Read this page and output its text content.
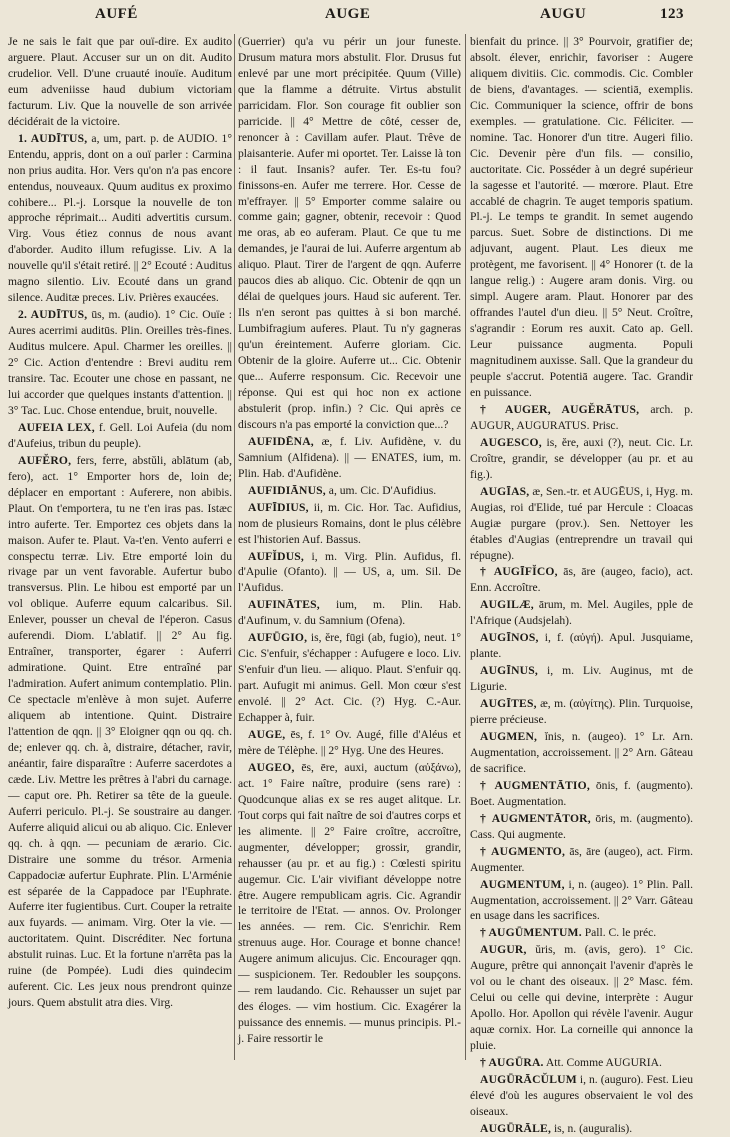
AUFÉ	AUGE	AUGU	123

Je ne sais le fait que par ouï-dire. Ex audito arguere. Plaut. Accuser sur un on dit. Audito crudelior. Vell. D'une cruauté inouïe. Auditum eum adveniisse haud dubium victoriam facturum. Liv. Que la nouvelle de son arrivée décidérait de la victoire.

1. AUDĪTUS, a, um, part. p. de AUDIO. 1° Entendu, appris, dont on a ouï parler : Carmina non prius audita. Hor. Vers qu'on n'a pas encore entendus, nouveaux. Quum auditus ex proximo cohibere... Pl.-j. Lorsque la nouvelle de ton approche réprimait... Auditi advertitis cursum. Virg. Vous étiez connus de nous avant d'aborder. Audito illum refugisse. Liv. A la nouvelle qu'il s'était retiré. || 2° Ecouté : Auditus magno silentio. Liv. Ecouté dans un grand silence. Auditæ preces. Liv. Prières exaucées.

2. AUDĪTUS, ūs, m. (audio). 1° Cic. Ouïe : Aures acerrimi auditūs. Plin. Oreilles très-fines. Auditus mulcere. Apul. Charmer les oreilles. || 2° Cic. Action d'entendre : Brevi auditu rem transire. Tac. Ecouter une chose en passant, ne lui accorder que quelques instants d'attention. || 3° Tac. Luc. Chose entendue, bruit, nouvelle.

AUFEIA LEX, f. Gell. Loi Aufeia (du nom d'Aufeius, tribun du peuple).

AUFĔRO, fers, ferre, abstŭli, ablātum (ab, fero), act. 1° Emporter hors de, loin de; déplacer en emportant : Auferere, non abibis. Plaut. On t'emportera, tu ne t'en iras pas. Istæc intro auferte. Ter. Emportez ces objets dans la maison. Aufer te. Plaut. Va-t'en. Vento auferri e conspectu terræ. Liv. Etre emporté loin du rivage par un vent favorable. Aufertur bubo transversus. Plin. Le hibou est emporté par un vol oblique. Auferre equum calcaribus. Sil. Enlever, pousser un cheval de l'éperon. Casus auferendi. Diom. L'ablatif. || 2° Au fig. Entraîner, transporter, égarer : Auferri admiratione. Quint. Etre entraîné par l'admiration. Aufert animum contemplatio. Plin. Ce spectacle m'enlève à mon sujet. Auferre aliquem ab intentione. Quint. Distraire l'attention de qqn. || 3° Eloigner qqn ou qq. ch. de; enlever qq. ch. à, distraire, détacher, ravir, anéantir, faire disparaître : Auferre sacerdotes a cæde. Liv. Mettre les prêtres à l'abri du carnage. — caput ore. Ph. Retirer sa tête de la gueule. Auferri periculo. Pl.-j. Se soustraire au danger. Auferre aliquid alicui ou ab aliquo. Cic. Enlever qq. ch. à qqn. — pecuniam de ærario. Cic. Distraire une somme du trésor. Armenia Cappadociæ aufertur Euphrate. Plin. L'Arménie est séparée de la Cappadoce par l'Euphrate. Auferre iter fugientibus. Curt. Couper la retraite aux fuyards. — animam. Virg. Oter la vie. — auctoritatem. Quint. Discréditer. Nec fortuna abstulit ruinas. Luc. Et la fortune n'arrêta pas la ruine (de Pompée). Ludi dies quindecim auferent. Cic. Les jeux nous prendront quinze jours. Quem abstulit atra dies. Virg.

(Guerrier) qu'a vu périr un jour funeste. Drusum matura mors abstulit. Flor. Drusus fut enlevé par une mort précipitée. Quum (Ville) que la flamme a détruite. Virtus abstulit parricidam. Flor. Son courage fit oublier son parricide. || 4° Mettre de côté, cesser de, renoncer à : Cavillam aufer. Plaut. Trêve de plaisanterie. Aufer mi oportet. Ter. Laisse là ton : il faut. Insanis? aufer. Ter. Es-tu fou? finissons-en. Aufer me terrere. Hor. Cesse de m'effrayer. || 5° Emporter comme salaire ou comme gain; gagner, obtenir, recevoir : Quod me oras, ab eo auferam. Plaut. Ce que tu me demandes, je l'aurai de lui. Auferre argentum ab aliquo. Plaut. Tirer de l'argent de qqn. Auferre paucos dies ab aliquo. Cic. Obtenir de qqn un délai de quelques jours. Haud sic auferent. Ter. Ils n'en seront pas quittes à si bon marché. Lumbifragium auferes. Plaut. Tu n'y gagneras qu'un éreintement. Auferre gloriam. Cic. Obtenir de la gloire. Auferre ut... Cic. Obtenir que... Auferre responsum. Cic. Recevoir une réponse. Qui est qui hoc non ex actione abstulerit (prop. infin.) ? Cic. Qui après ce discours n'a pas emporté la conviction que...?

AUFIDĒNA, æ, f. Liv. Aufidène, v. du Samnium (Alfidena). || — ENATES, ium, m. Plin. Hab. d'Aufidène.

AUFIDIĀNUS, a, um. Cic. D'Aufidius.

AUFĪDIUS, ii, m. Cic. Hor. Tac. Aufidius, nom de plusieurs Romains, dont le plus célèbre est l'historien Auf. Bassus.

AUFĬDUS, i, m. Virg. Plin. Aufidus, fl. d'Apulie (Ofanto). || — US, a, um. Sil. De l'Aufidus.

AUFINĀTES, ium, m. Plin. Hab. d'Aufinum, v. du Samnium (Ofena).

AUFŪGIO, is, ĕre, fūgi (ab, fugio), neut. 1° Cic. S'enfuir, s'échapper : Aufugere e loco. Liv. S'enfuir d'un lieu. — aliquo. Plaut. S'enfuir qq. part. Aufugit mi animus. Gell. Mon cœur s'est envolé. || 2° Act. Cic. (?) Hyg. C.-Aur. Echapper à, fuir.

AUGE, ēs, f. 1° Ov. Augé, fille d'Aléus et mère de Télèphe. || 2° Hyg. Une des Heures.

AUGEO, ēs, ēre, auxi, auctum (αὐξάνω), act. 1° Faire naître, produire (sens rare) : Quodcunque alias ex se res auget alitque. Lr. Tout corps qui fait naître de soi d'autres corps et les alimente. || 2° Faire croître, accroître, augmenter, développer; grossir, grandir, rehausser (au pr. et au fig.) : Cœlesti spiritu augemur. Cic. L'air vivifiant développe notre être. Augere rempublicam agris. Cic. Agrandir le territoire de l'Etat. — annos. Ov. Prolonger les années. — rem. Cic. S'enrichir. Rem strenuus auge. Hor. Courage et bonne chance! Augere animum alicujus. Cic. Encourager qqn. — suspicionem. Ter. Redoubler les soupçons. — rem laudando. Cic. Rehausser un sujet par des éloges. — vim hostium. Cic. Exagérer la puissance des ennemis. — munus principis. Pl.-j. Faire ressortir le

bienfait du prince. || 3° Pourvoir, gratifier de; absolt. élever, enrichir, favoriser : Augere aliquem divitiis. Cic. commodis. Cic. Combler de biens, d'avantages. — scientiā, exemplis. Cic. Communiquer la science, offrir de bons exemples. — gratulatione. Cic. Féliciter. — nomine. Tac. Honorer d'un titre. Augeri filio. Cic. Devenir père d'un fils. — consilio, auctoritate. Cic. Posséder à un degré supérieur la sagesse et l'autorité. — mœrore. Plaut. Etre accablé de chagrin. Te auget temporis spatium. Pl.-j. Le temps te grandit. In semet augendo parcus. Suet. Sobre de distinctions. Di me adjuvant, augent. Plaut. Les dieux me protègent, me favorisent. || 4° Honorer (t. de la langue relig.) : Augere aram donis. Virg. ou simpl. Augere aram. Plaut. Honorer par des offrandes l'autel d'un dieu. || 5° Neut. Croître, s'agrandir : Eorum res auxit. Cato ap. Gell. Leur puissance augmenta. Populi magnitudinem auxisse. Sall. Que la grandeur du peuple s'accrut. Potentiā augere. Tac. Grandir en puissance.

† AUGER, AUGĔRĀTUS, arch. p. AUGUR, AUGURATUS. Prisc.

AUGESCO, is, ĕre, auxi (?), neut. Cic. Lr. Croître, grandir, se développer (au pr. et au fig.).

AUGĪAS, æ, Sen.-tr. et AUGĒUS, i, Hyg. m. Augias, roi d'Elide, tué par Hercule : Cloacas Augiæ purgare (prov.). Sen. Nettoyer les étables d'Augias (entreprendre un travail qui répugne).

† AUGĪFĬCO, ās, āre (augeo, facio), act. Enn. Accroître.

AUGILÆ, ārum, m. Mel. Augiles, pple de l'Afrique (Audsjelah).

AUGĪNOS, i, f. (αὐγή). Apul. Jusquiame, plante.

AUGĪNUS, i, m. Liv. Auginus, mt de Ligurie.

AUGĪTES, æ, m. (αὐγίτης). Plin. Turquoise, pierre précieuse.

AUGMEN, ĭnis, n. (augeo). 1° Lr. Arn. Augmentation, accroissement. || 2° Arn. Gâteau de sacrifice.

† AUGMENTĀTIO, ōnis, f. (augmento). Boet. Augmentation.

† AUGMENTĀTOR, ōris, m. (augmento). Cass. Qui augmente.

† AUGMENTO, ās, āre (augeo), act. Firm. Augmenter.

AUGMENTUM, i, n. (augeo). 1° Plin. Pall. Augmentation, accroissement. || 2° Varr. Gâteau en usage dans les sacrifices.

† AUGŪMENTUM. Pall. C. le préc.

AUGUR, ŭris, m. (avis, gero). 1° Cic. Augure, prêtre qui annonçait l'avenir d'après le vol ou le chant des oiseaux. || 2° Masc. fém. Celui ou celle qui devine, interprète : Augur Apollo. Hor. Apollon qui révèle l'avenir. Augur aquæ cornix. Hor. La corneille qui annonce la pluie.

† AUGŪRA. Att. Comme AUGURIA.

AUGŪRĀCŬLUM i, n. (auguro). Fest. Lieu élevé d'où les augures observaient le vol des oiseaux.

AUGŪRĀLE, is, n. (auguralis).
